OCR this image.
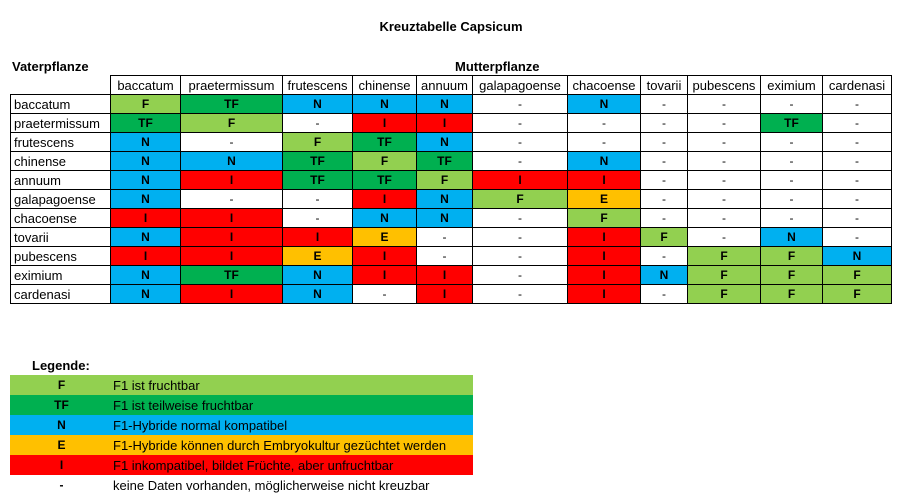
Kreuztabelle Capsicum
Vaterpflanze	Mutterpflanze
	baccatum	praetermissum	frutescens	chinense	annuum	galapagoense	chacoense	tovarii	pubescens	eximium	cardenasi
baccatum	F	TF	N	N	N	-	N	-	-	-	-
praetermissum	TF	F	-	I	I	-	-	-	-	TF	-
frutescens	N	-	F	TF	N	-	-	-	-	-	-
chinense	N	N	TF	F	TF	-	N	-	-	-	-
annuum	N	I	TF	TF	F	I	I	-	-	-	-
galapagoense	N	-	-	I	N	F	E	-	-	-	-
chacoense	I	I	-	N	N	-	F	-	-	-	-
tovarii	N	I	I	E	-	-	I	F	-	N	-
pubescens	I	I	E	I	-	-	I	-	F	F	N
eximium	N	TF	N	I	I	-	I	N	F	F	F
cardenasi	N	I	N	-	I	-	I	-	F	F	F
Legende:
F	F1 ist fruchtbar
TF	F1 ist teilweise fruchtbar
N	F1-Hybride normal kompatibel
E	F1-Hybride können durch Embryokultur gezüchtet werden
I	F1 inkompatibel, bildet Früchte, aber unfruchtbar
-	keine Daten vorhanden, möglicherweise nicht kreuzbar
